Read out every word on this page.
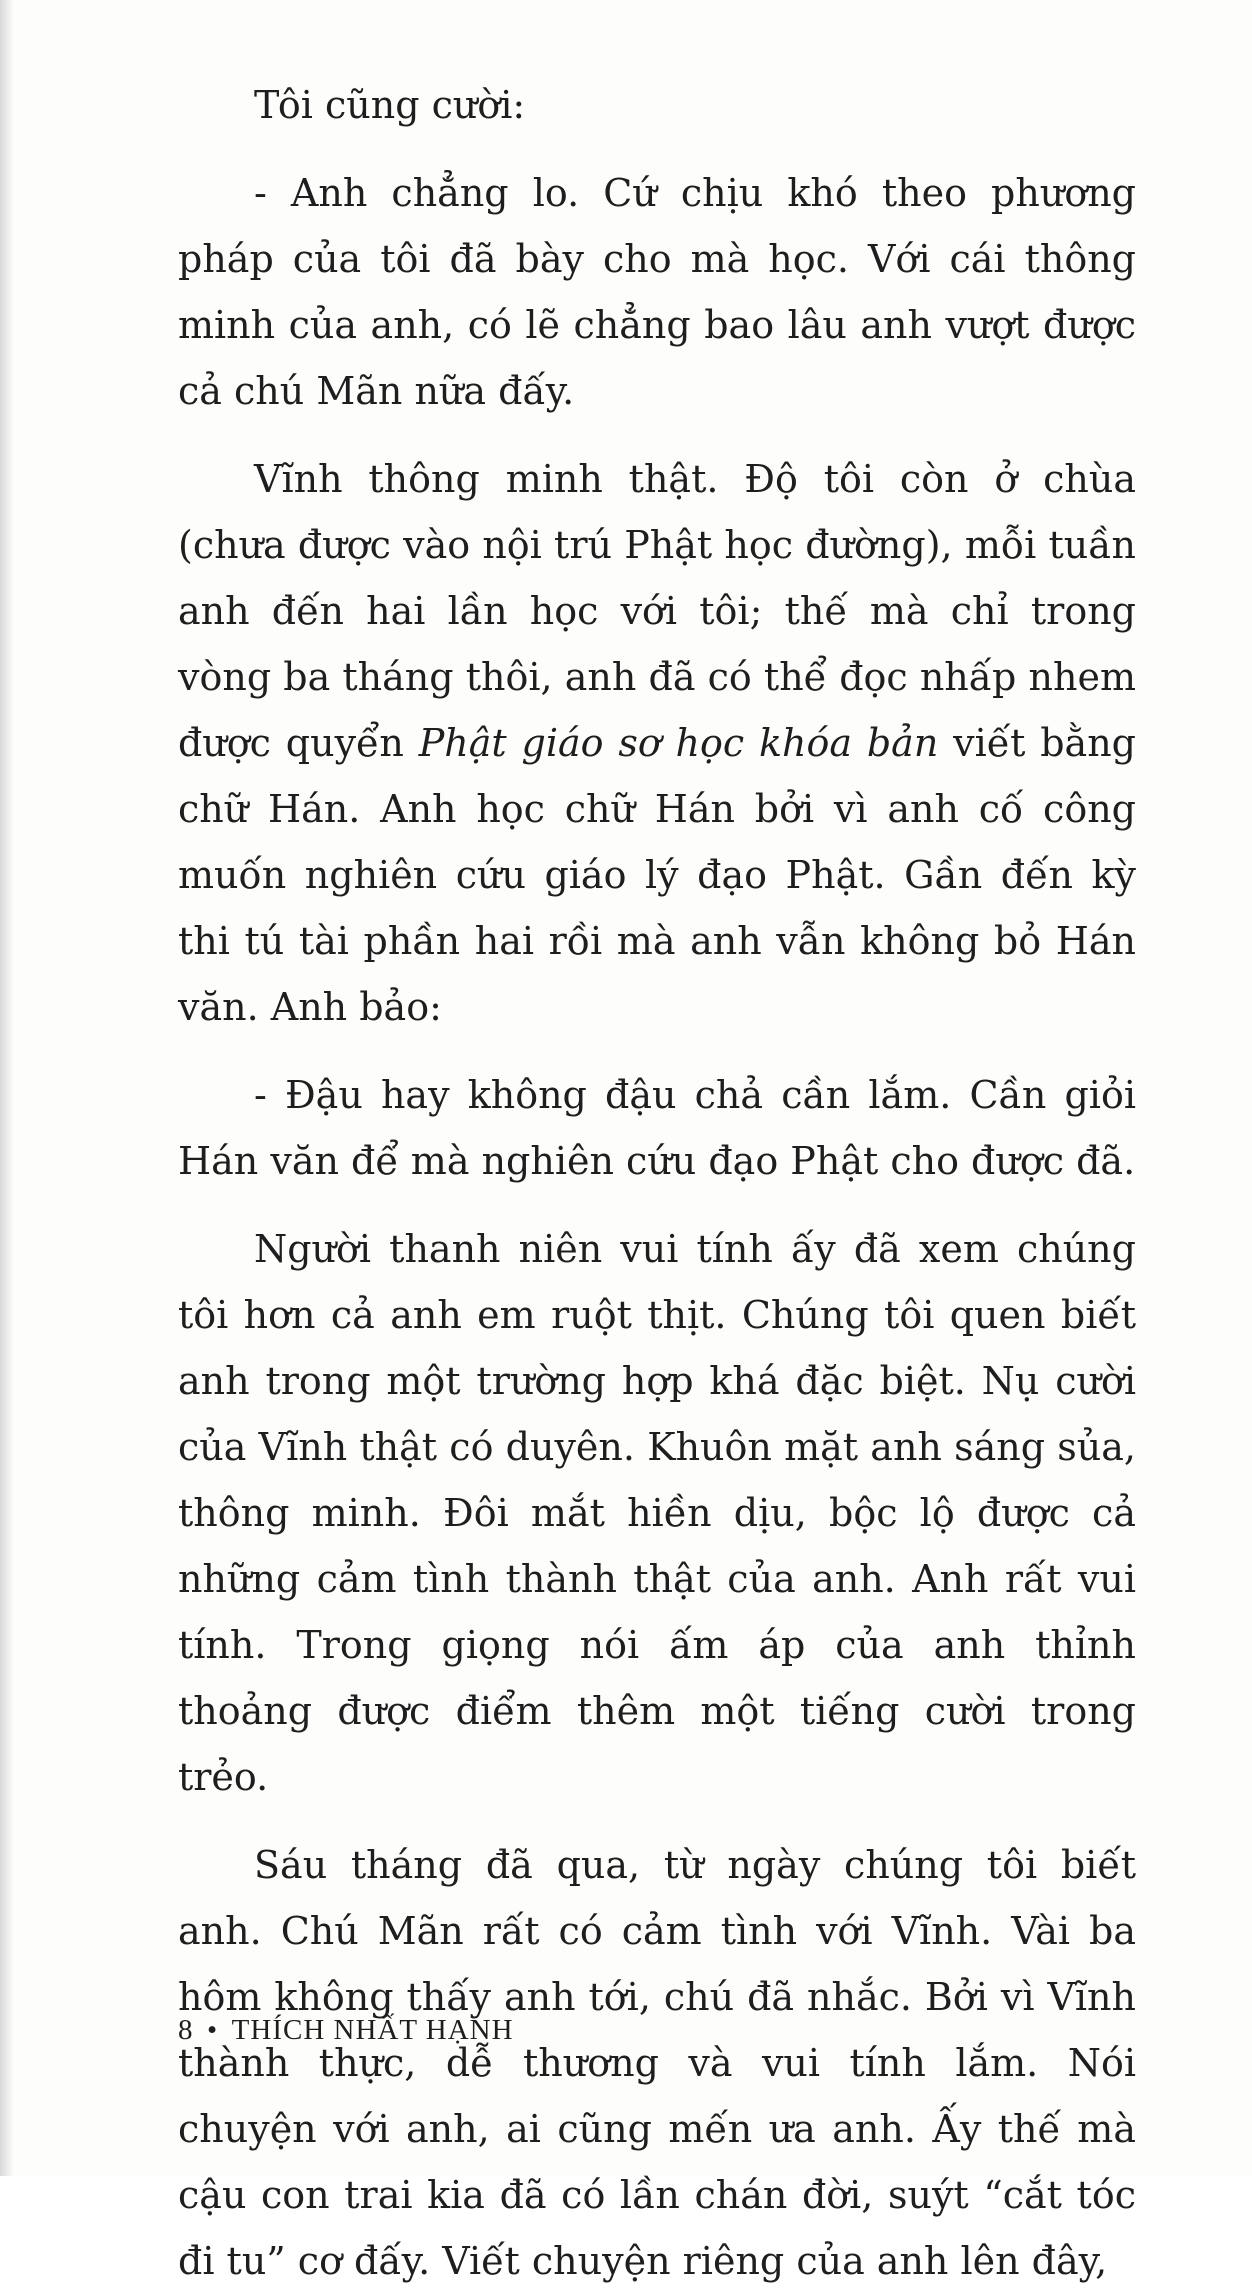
Tôi cũng cười:

- Anh chẳng lo. Cứ chịu khó theo phương pháp của tôi đã bày cho mà học. Với cái thông minh của anh, có lẽ chẳng bao lâu anh vượt được cả chú Mãn nữa đấy.

Vĩnh thông minh thật. Độ tôi còn ở chùa (chưa được vào nội trú Phật học đường), mỗi tuần anh đến hai lần học với tôi; thế mà chỉ trong vòng ba tháng thôi, anh đã có thể đọc nhấp nhem được quyển Phật giáo sơ học khóa bản viết bằng chữ Hán. Anh học chữ Hán bởi vì anh cố công muốn nghiên cứu giáo lý đạo Phật. Gần đến kỳ thi tú tài phần hai rồi mà anh vẫn không bỏ Hán văn. Anh bảo:

- Đậu hay không đậu chả cần lắm. Cần giỏi Hán văn để mà nghiên cứu đạo Phật cho được đã.

Người thanh niên vui tính ấy đã xem chúng tôi hơn cả anh em ruột thịt. Chúng tôi quen biết anh trong một trường hợp khá đặc biệt. Nụ cười của Vĩnh thật có duyên. Khuôn mặt anh sáng sủa, thông minh. Đôi mắt hiền dịu, bộc lộ được cả những cảm tình thành thật của anh. Anh rất vui tính. Trong giọng nói ấm áp của anh thỉnh thoảng được điểm thêm một tiếng cười trong trẻo.

Sáu tháng đã qua, từ ngày chúng tôi biết anh. Chú Mãn rất có cảm tình với Vĩnh. Vài ba hôm không thấy anh tới, chú đã nhắc. Bởi vì Vĩnh thành thực, dễ thương và vui tính lắm. Nói chuyện với anh, ai cũng mến ưa anh. Ấy thế mà cậu con trai kia đã có lần chán đời, suýt “cắt tóc đi tu” cơ đấy. Viết chuyện riêng của anh lên đây,

8 • THÍCH NHẤT HẠNH
